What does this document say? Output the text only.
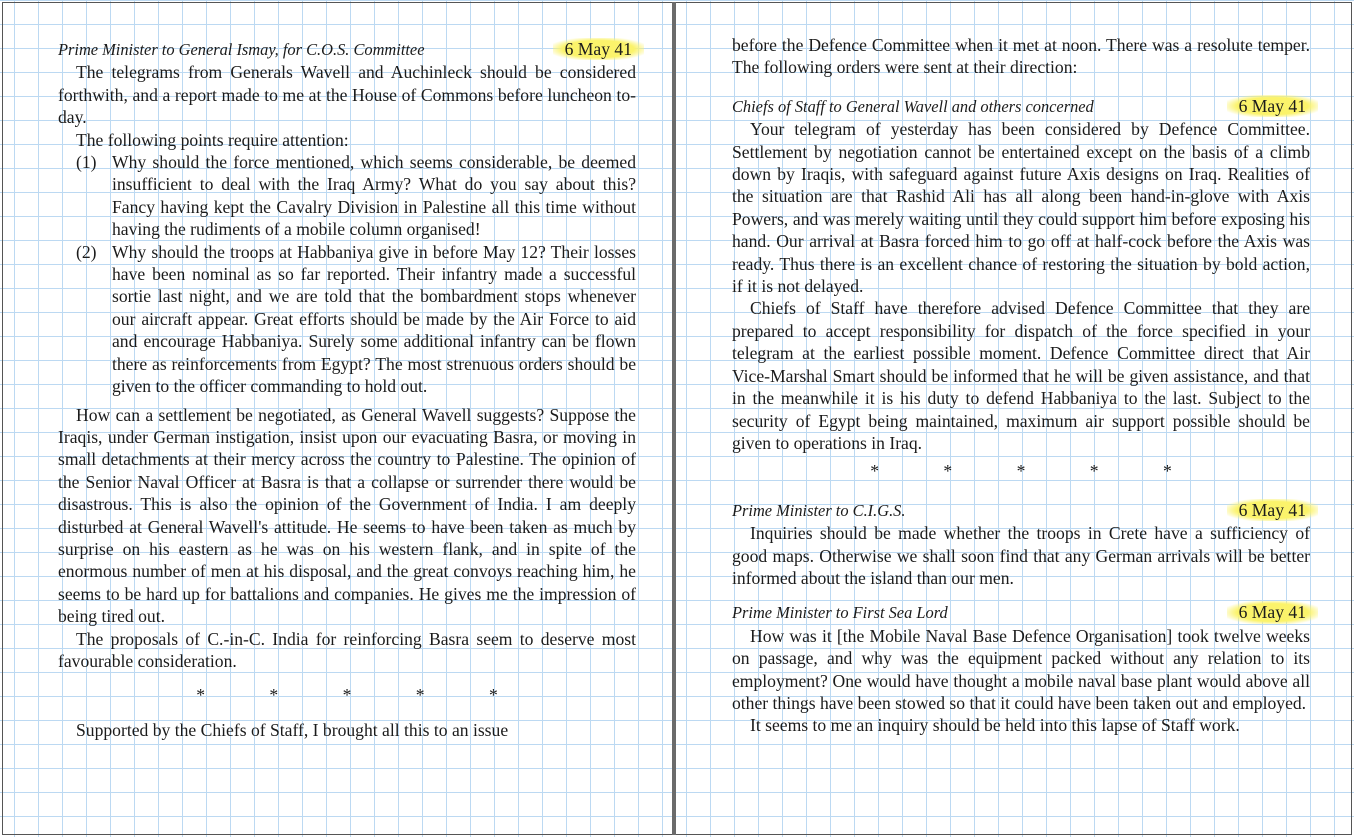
Prime Minister to General Ismay, for C.O.S. Committee	6 May 41

The telegrams from Generals Wavell and Auchinleck should be considered forthwith, and a report made to me at the House of Commons before luncheon to-day.

The following points require attention:

(1) Why should the force mentioned, which seems considerable, be deemed insufficient to deal with the Iraq Army? What do you say about this? Fancy having kept the Cavalry Division in Palestine all this time without having the rudiments of a mobile column organised!
(2) Why should the troops at Habbaniya give in before May 12? Their losses have been nominal as so far reported. Their infantry made a successful sortie last night, and we are told that the bombardment stops whenever our aircraft appear. Great efforts should be made by the Air Force to aid and encourage Habbaniya. Surely some additional infantry can be flown there as reinforcements from Egypt? The most strenuous orders should be given to the officer commanding to hold out.

How can a settlement be negotiated, as General Wavell suggests? Suppose the Iraqis, under German instigation, insist upon our evacuating Basra, or moving in small detachments at their mercy across the country to Palestine. The opinion of the Senior Naval Officer at Basra is that a collapse or surrender there would be disastrous. This is also the opinion of the Government of India. I am deeply disturbed at General Wavell's attitude. He seems to have been taken as much by surprise on his eastern as he was on his western flank, and in spite of the enormous number of men at his disposal, and the great convoys reaching him, he seems to be hard up for battalions and companies. He gives me the impression of being tired out.

The proposals of C.-in-C. India for reinforcing Basra seem to deserve most favourable consideration.

* * * * *

Supported by the Chiefs of Staff, I brought all this to an issue

before the Defence Committee when it met at noon. There was a resolute temper. The following orders were sent at their direction:

Chiefs of Staff to General Wavell and others concerned	6 May 41

Your telegram of yesterday has been considered by Defence Committee. Settlement by negotiation cannot be entertained except on the basis of a climb down by Iraqis, with safeguard against future Axis designs on Iraq. Realities of the situation are that Rashid Ali has all along been hand-in-glove with Axis Powers, and was merely waiting until they could support him before exposing his hand. Our arrival at Basra forced him to go off at half-cock before the Axis was ready. Thus there is an excellent chance of restoring the situation by bold action, if it is not delayed.

Chiefs of Staff have therefore advised Defence Committee that they are prepared to accept responsibility for dispatch of the force specified in your telegram at the earliest possible moment. Defence Committee direct that Air Vice-Marshal Smart should be informed that he will be given assistance, and that in the meanwhile it is his duty to defend Habbaniya to the last. Subject to the security of Egypt being maintained, maximum air support possible should be given to operations in Iraq.

* * * * *
Prime Minister to C.I.G.S.	6 May 41

Inquiries should be made whether the troops in Crete have a sufficiency of good maps. Otherwise we shall soon find that any German arrivals will be better informed about the island than our men.

Prime Minister to First Sea Lord	6 May 41

How was it [the Mobile Naval Base Defence Organisation] took twelve weeks on passage, and why was the equipment packed without any relation to its employment? One would have thought a mobile naval base plant would above all other things have been stowed so that it could have been taken out and employed.

It seems to me an inquiry should be held into this lapse of Staff work.
